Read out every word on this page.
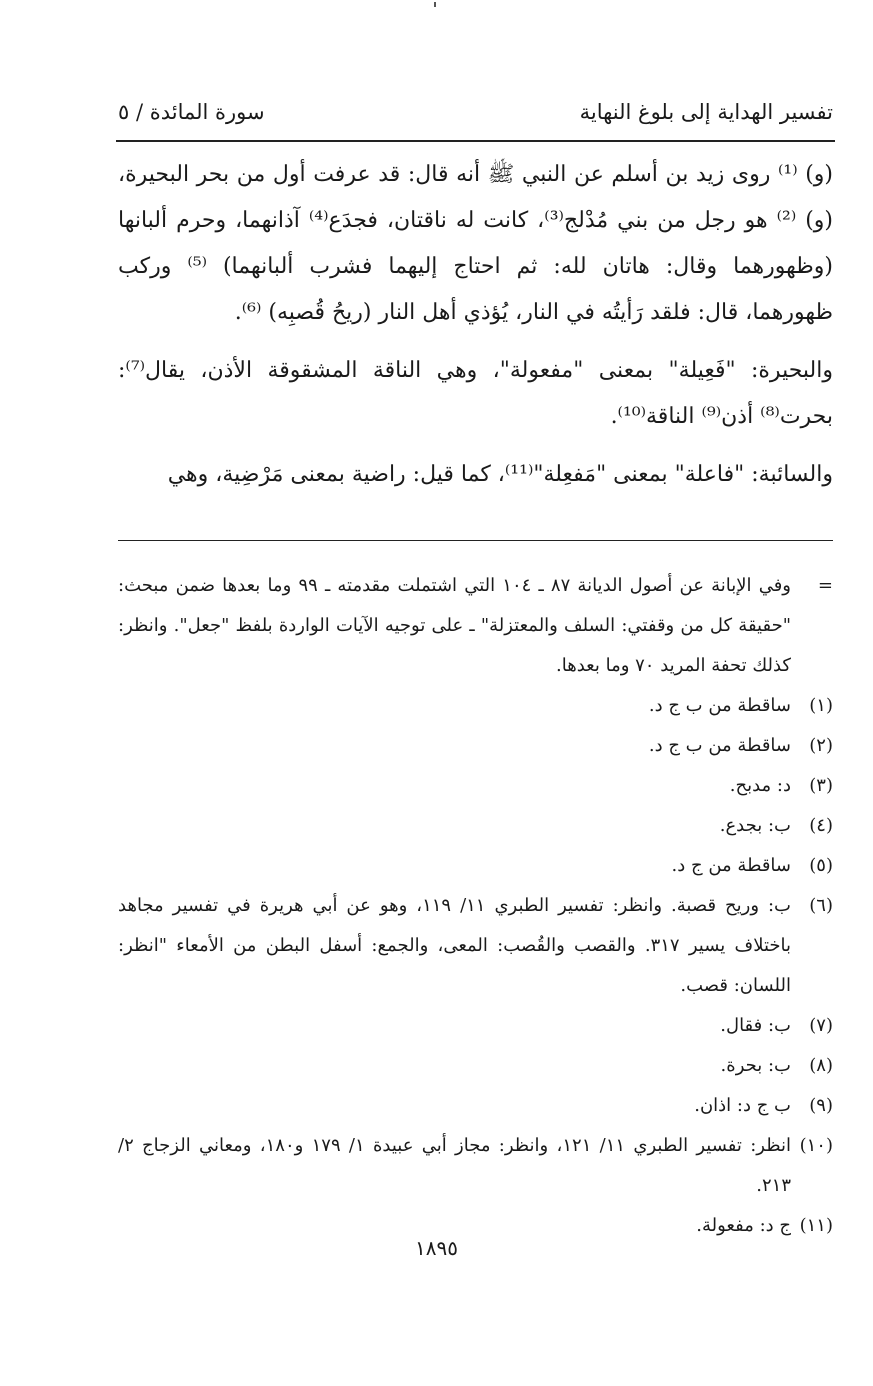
تفسير الهداية إلى بلوغ النهاية
سورة المائدة / ٥

(و) ⁽¹⁾ روى زيد بن أسلم عن النبي ﷺ أنه قال: قد عرفت أول من بحر البحيرة، (و) ⁽²⁾ هو رجل من بني مُدْلج⁽³⁾، كانت له ناقتان، فجدَع⁽⁴⁾ آذانهما، وحرم ألبانها (وظهورهما وقال: هاتان لله: ثم احتاج إليهما فشرب ألبانهما) ⁽⁵⁾ وركب ظهورهما، قال: فلقد رَأيتُه في النار، يُؤذي أهل النار (ريحُ قُصبِه) ⁽⁶⁾.

والبحيرة: "فَعِيلة" بمعنى "مفعولة"، وهي الناقة المشقوقة الأذن، يقال⁽⁷⁾: بحرت⁽⁸⁾ أذن⁽⁹⁾ الناقة⁽¹⁰⁾.

والسائبة: "فاعلة" بمعنى "مَفعِلة"⁽¹¹⁾، كما قيل: راضية بمعنى مَرْضِية، وهي

=
وفي الإبانة عن أصول الديانة ٨٧ ـ ١٠٤ التي اشتملت مقدمته ـ ٩٩ وما بعدها ضمن مبحث: "حقيقة كل من وقفتي: السلف والمعتزلة" ـ على توجيه الآيات الواردة بلفظ "جعل". وانظر: كذلك تحفة المريد ٧٠ وما بعدها.
(١)
ساقطة من ب ج د.
(٢)
ساقطة من ب ج د.
(٣)
د: مدبح.
(٤)
ب: بجدع.
(٥)
ساقطة من ج د.
(٦)
ب: وريح قصبة. وانظر: تفسير الطبري ١١/ ١١٩، وهو عن أبي هريرة في تفسير مجاهد باختلاف يسير ٣١٧. والقصب والقُصب: المعى، والجمع: أسفل البطن من الأمعاء "انظر: اللسان: قصب.
(٧)
ب: فقال.
(٨)
ب: بحرة.
(٩)
ب ج د: اذان.
(١٠)
انظر: تفسير الطبري ١١/ ١٢١، وانظر: مجاز أبي عبيدة ١/ ١٧٩ و١٨٠، ومعاني الزجاج ٢/ ٢١٣.
(١١)
ج د: مفعولة.
١٨٩٥
